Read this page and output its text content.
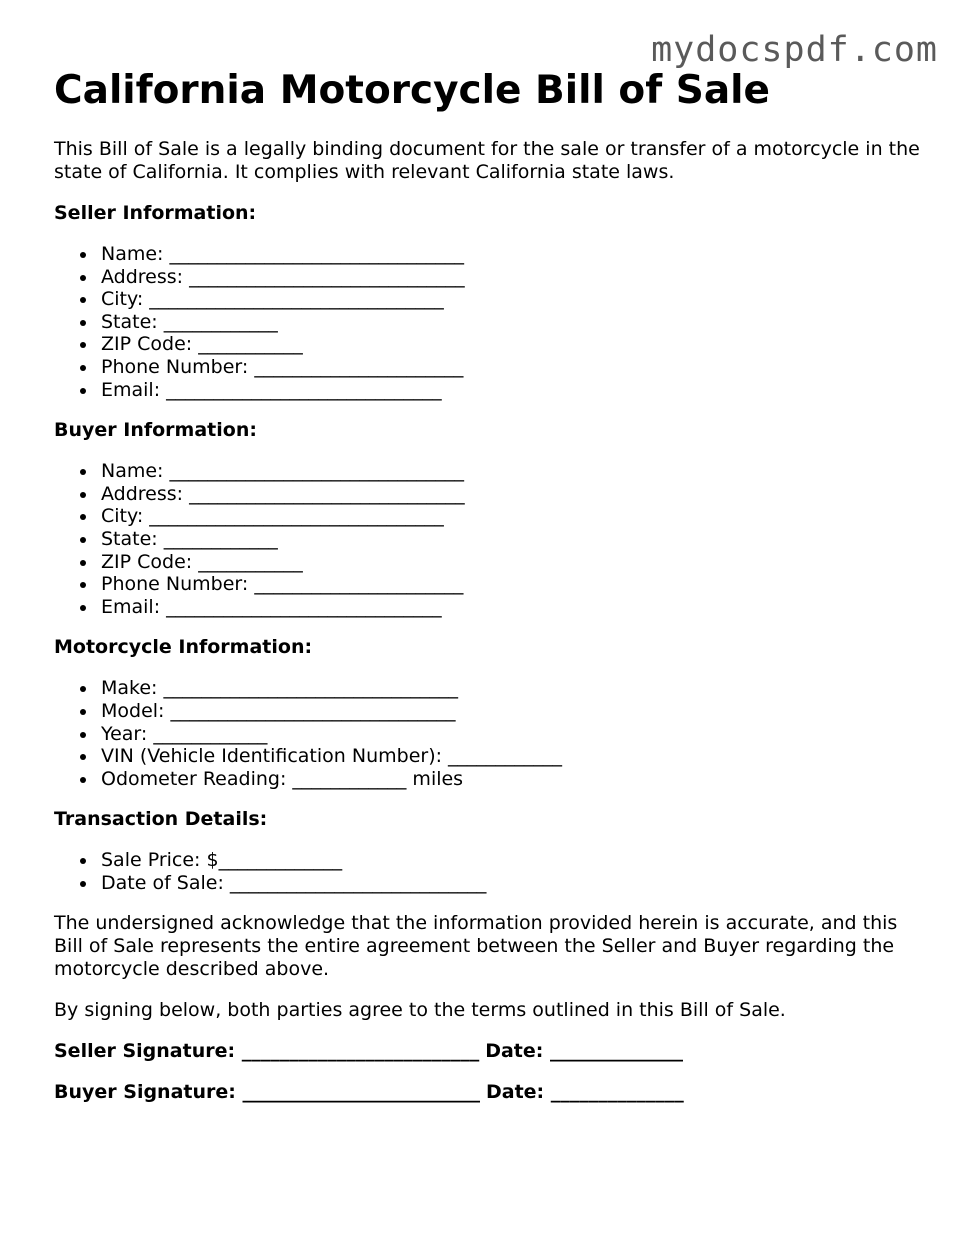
mydocspdf.com
California Motorcycle Bill of Sale

This Bill of Sale is a legally binding document for the sale or transfer of a motorcycle in the state of California. It complies with relevant California state laws.

Seller Information:
Name: _______________________________
Address: _____________________________
City: _______________________________
State: ____________
ZIP Code: ___________
Phone Number: ______________________
Email: _____________________________
Buyer Information:
Name: _______________________________
Address: _____________________________
City: _______________________________
State: ____________
ZIP Code: ___________
Phone Number: ______________________
Email: _____________________________
Motorcycle Information:
Make: _______________________________
Model: ______________________________
Year: ____________
VIN (Vehicle Identification Number): ____________
Odometer Reading: ____________ miles
Transaction Details:
Sale Price: $_____________
Date of Sale: ___________________________

The undersigned acknowledge that the information provided herein is accurate, and this Bill of Sale represents the entire agreement between the Seller and Buyer regarding the motorcycle described above.

By signing below, both parties agree to the terms outlined in this Bill of Sale.

Seller Signature: _________________________ Date: ______________
Buyer Signature: _________________________ Date: ______________
